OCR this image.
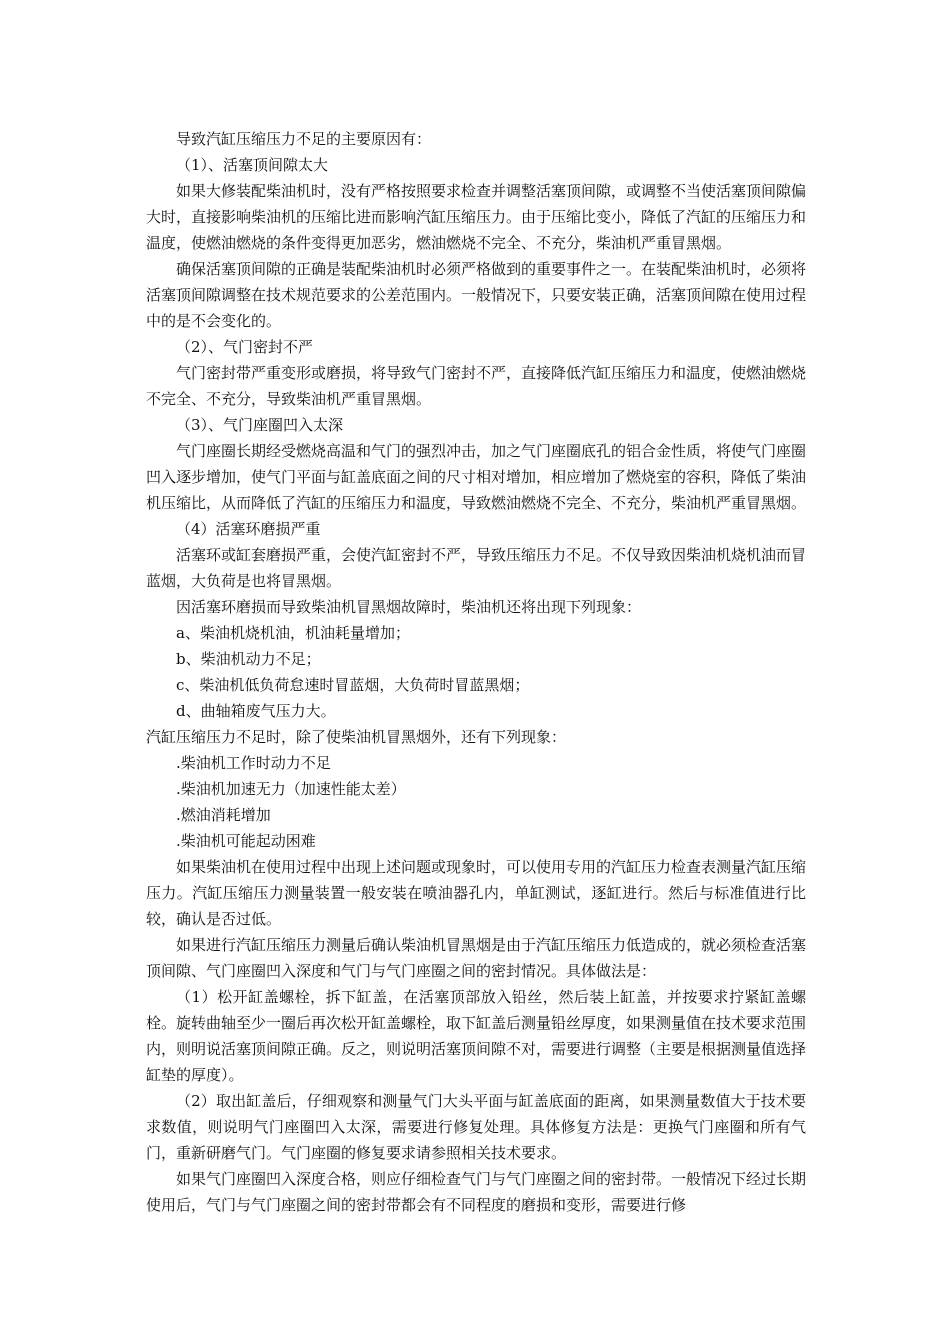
导致汽缸压缩压力不足的主要原因有：

（1）、活塞顶间隙太大

如果大修装配柴油机时，没有严格按照要求检查并调整活塞顶间隙，或调整不当使活塞顶间隙偏大时，直接影响柴油机的压缩比进而影响汽缸压缩压力。由于压缩比变小，降低了汽缸的压缩压力和温度，使燃油燃烧的条件变得更加恶劣，燃油燃烧不完全、不充分，柴油机严重冒黑烟。

确保活塞顶间隙的正确是装配柴油机时必须严格做到的重要事件之一。在装配柴油机时，必须将活塞顶间隙调整在技术规范要求的公差范围内。一般情况下，只要安装正确，活塞顶间隙在使用过程中的是不会变化的。

（2）、气门密封不严

气门密封带严重变形或磨损，将导致气门密封不严，直接降低汽缸压缩压力和温度，使燃油燃烧不完全、不充分，导致柴油机严重冒黑烟。

（3）、气门座圈凹入太深

气门座圈长期经受燃烧高温和气门的强烈冲击，加之气门座圈底孔的铝合金性质，将使气门座圈凹入逐步增加，使气门平面与缸盖底面之间的尺寸相对增加，相应增加了燃烧室的容积，降低了柴油机压缩比，从而降低了汽缸的压缩压力和温度，导致燃油燃烧不完全、不充分，柴油机严重冒黑烟。

（4）活塞环磨损严重

活塞环或缸套磨损严重，会使汽缸密封不严，导致压缩压力不足。不仅导致因柴油机烧机油而冒蓝烟，大负荷是也将冒黑烟。

因活塞环磨损而导致柴油机冒黑烟故障时，柴油机还将出现下列现象：

a、柴油机烧机油，机油耗量增加；

b、柴油机动力不足；

c、柴油机低负荷怠速时冒蓝烟，大负荷时冒蓝黑烟；

d、曲轴箱废气压力大。

汽缸压缩压力不足时，除了使柴油机冒黑烟外，还有下列现象：

.柴油机工作时动力不足

.柴油机加速无力（加速性能太差）

.燃油消耗增加

.柴油机可能起动困难

如果柴油机在使用过程中出现上述问题或现象时，可以使用专用的汽缸压力检查表测量汽缸压缩压力。汽缸压缩压力测量装置一般安装在喷油器孔内，单缸测试，逐缸进行。然后与标准值进行比较，确认是否过低。

如果进行汽缸压缩压力测量后确认柴油机冒黑烟是由于汽缸压缩压力低造成的，就必须检查活塞顶间隙、气门座圈凹入深度和气门与气门座圈之间的密封情况。具体做法是：

（1）松开缸盖螺栓，拆下缸盖，在活塞顶部放入铅丝，然后装上缸盖，并按要求拧紧缸盖螺栓。旋转曲轴至少一圈后再次松开缸盖螺栓，取下缸盖后测量铅丝厚度，如果测量值在技术要求范围内，则明说活塞顶间隙正确。反之，则说明活塞顶间隙不对，需要进行调整（主要是根据测量值选择缸垫的厚度）。

（2）取出缸盖后，仔细观察和测量气门大头平面与缸盖底面的距离，如果测量数值大于技术要求数值，则说明气门座圈凹入太深，需要进行修复处理。具体修复方法是：更换气门座圈和所有气门，重新研磨气门。气门座圈的修复要求请参照相关技术要求。

如果气门座圈凹入深度合格，则应仔细检查气门与气门座圈之间的密封带。一般情况下经过长期使用后，气门与气门座圈之间的密封带都会有不同程度的磨损和变形，需要进行修
